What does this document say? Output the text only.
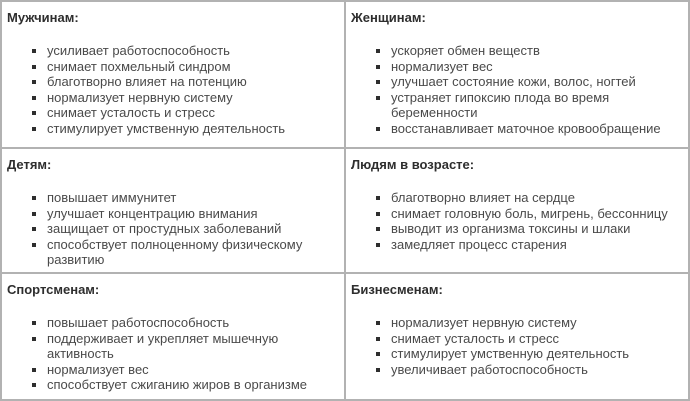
Мужчинам:
▪ усиливает работоспособность
▪ снимает похмельный синдром
▪ благотворно влияет на потенцию
▪ нормализует нервную систему
▪ снимает усталость и стресс
▪ стимулирует умственную деятельность
Женщинам:
▪ ускоряет обмен веществ
▪ нормализует вес
▪ улучшает состояние кожи, волос, ногтей
▪ устраняет гипоксию плода во время беременности
▪ восстанавливает маточное кровообращение
Детям:
▪ повышает иммунитет
▪ улучшает концентрацию внимания
▪ защищает от простудных заболеваний
▪ способствует полноценному физическому развитию
Людям в возрасте:
▪ благотворно влияет на сердце
▪ снимает головную боль, мигрень, бессонницу
▪ выводит из организма токсины и шлаки
▪ замедляет процесс старения
Спортсменам:
▪ повышает работоспособность
▪ поддерживает и укрепляет мышечную активность
▪ нормализует вес
▪ способствует сжиганию жиров в организме
Бизнесменам:
▪ нормализует нервную систему
▪ снимает усталость и стресс
▪ стимулирует умственную деятельность
▪ увеличивает работоспособность
